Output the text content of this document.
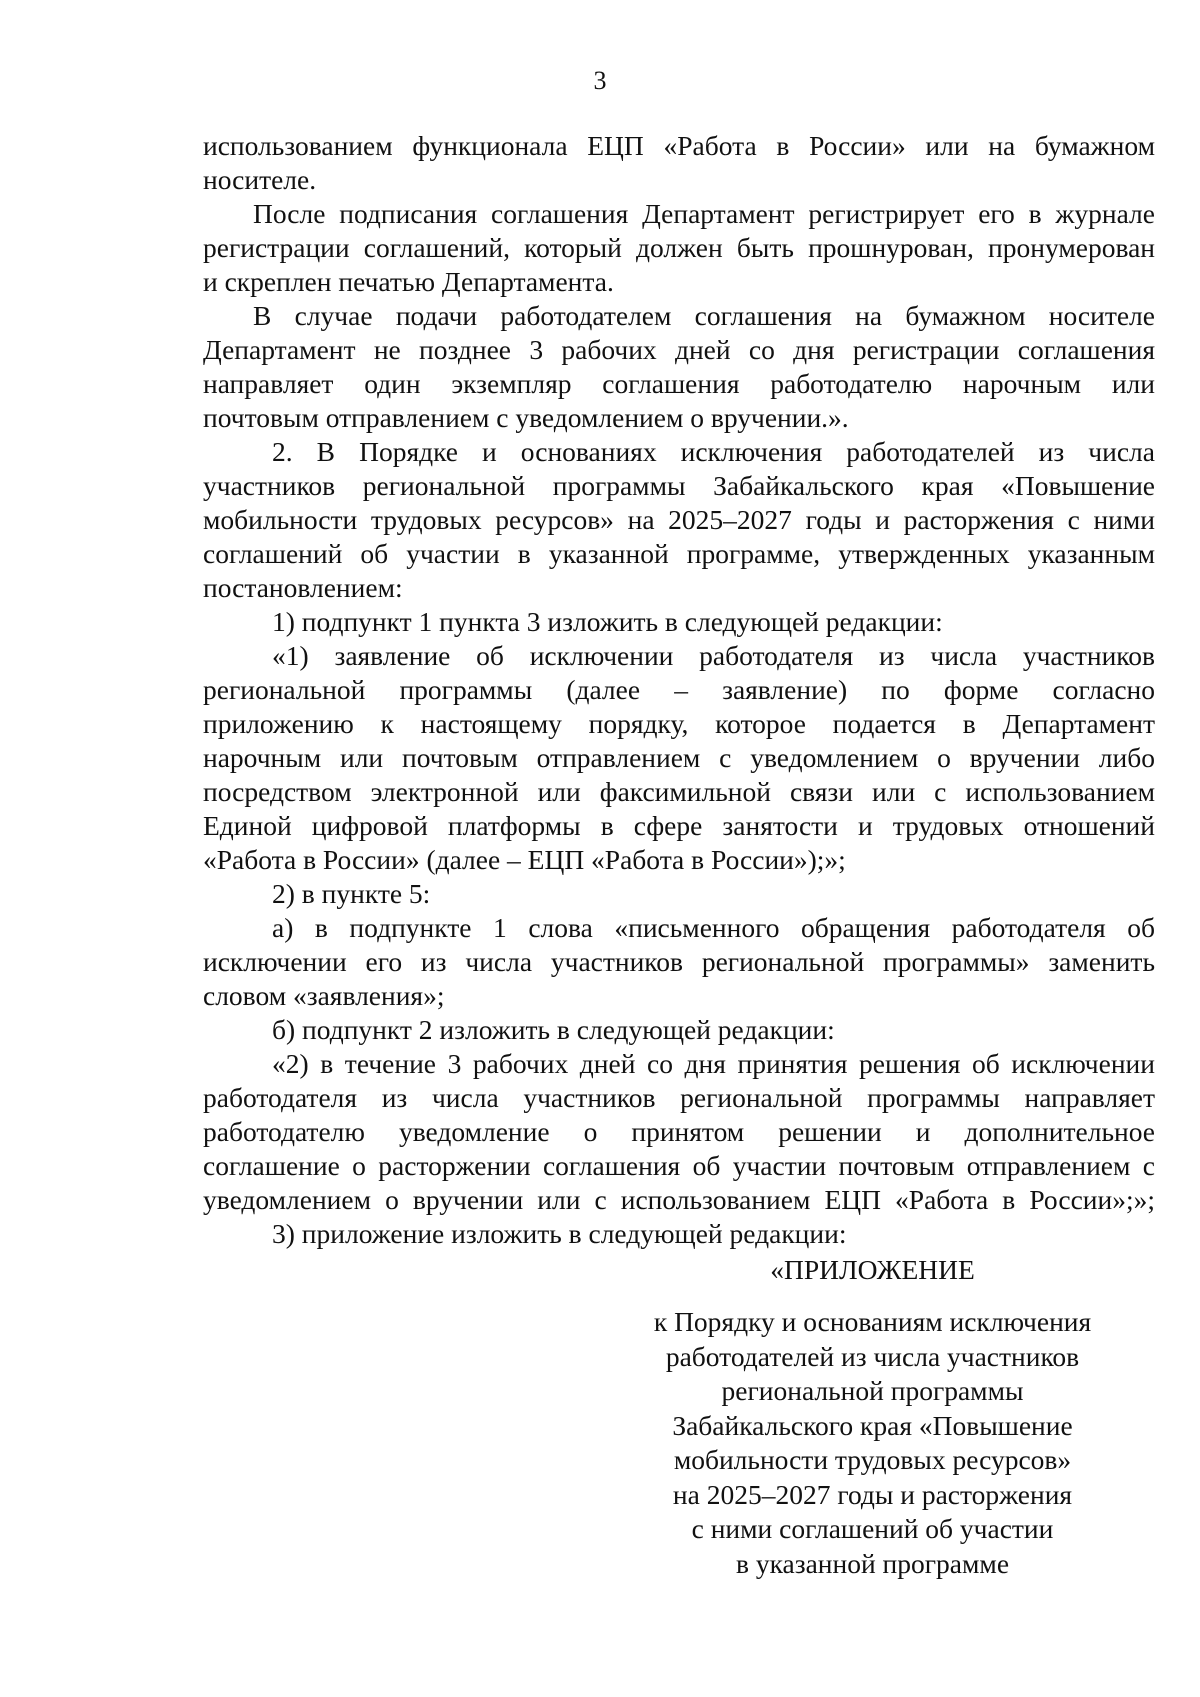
3
использованием функционала ЕЦП «Работа в России» или на бумажном
носителе.
После подписания соглашения Департамент регистрирует его в журнале
регистрации соглашений, который должен быть прошнурован, пронумерован
и скреплен печатью Департамента.
В случае подачи работодателем соглашения на бумажном носителе
Департамент не позднее 3 рабочих дней со дня регистрации соглашения
направляет один экземпляр соглашения работодателю нарочным или
почтовым отправлением с уведомлением о вручении.».
2. В Порядке и основаниях исключения работодателей из числа
участников региональной программы Забайкальского края «Повышение
мобильности трудовых ресурсов» на 2025–2027 годы и расторжения с ними
соглашений об участии в указанной программе, утвержденных указанным
постановлением:
1) подпункт 1 пункта 3 изложить в следующей редакции:
«1) заявление об исключении работодателя из числа участников
региональной программы (далее – заявление) по форме согласно
приложению к настоящему порядку, которое подается в Департамент
нарочным или почтовым отправлением с уведомлением о вручении либо
посредством электронной или факсимильной связи или с использованием
Единой цифровой платформы в сфере занятости и трудовых отношений
«Работа в России» (далее – ЕЦП «Работа в России»);»;
2) в пункте 5:
а) в подпункте 1 слова «письменного обращения работодателя об
исключении его из числа участников региональной программы» заменить
словом «заявления»;
б) подпункт 2 изложить в следующей редакции:
«2) в течение 3 рабочих дней со дня принятия решения об исключении
работодателя из числа участников региональной программы направляет
работодателю уведомление о принятом решении и дополнительное
соглашение о расторжении соглашения об участии почтовым отправлением с
уведомлением о вручении или с использованием ЕЦП «Работа в России»;»;
3) приложение изложить в следующей редакции:
«ПРИЛОЖЕНИЕ
к Порядку и основаниям исключения
работодателей из числа участников
региональной программы
Забайкальского края «Повышение
мобильности трудовых ресурсов»
на 2025–2027 годы и расторжения
с ними соглашений об участии
в указанной программе
